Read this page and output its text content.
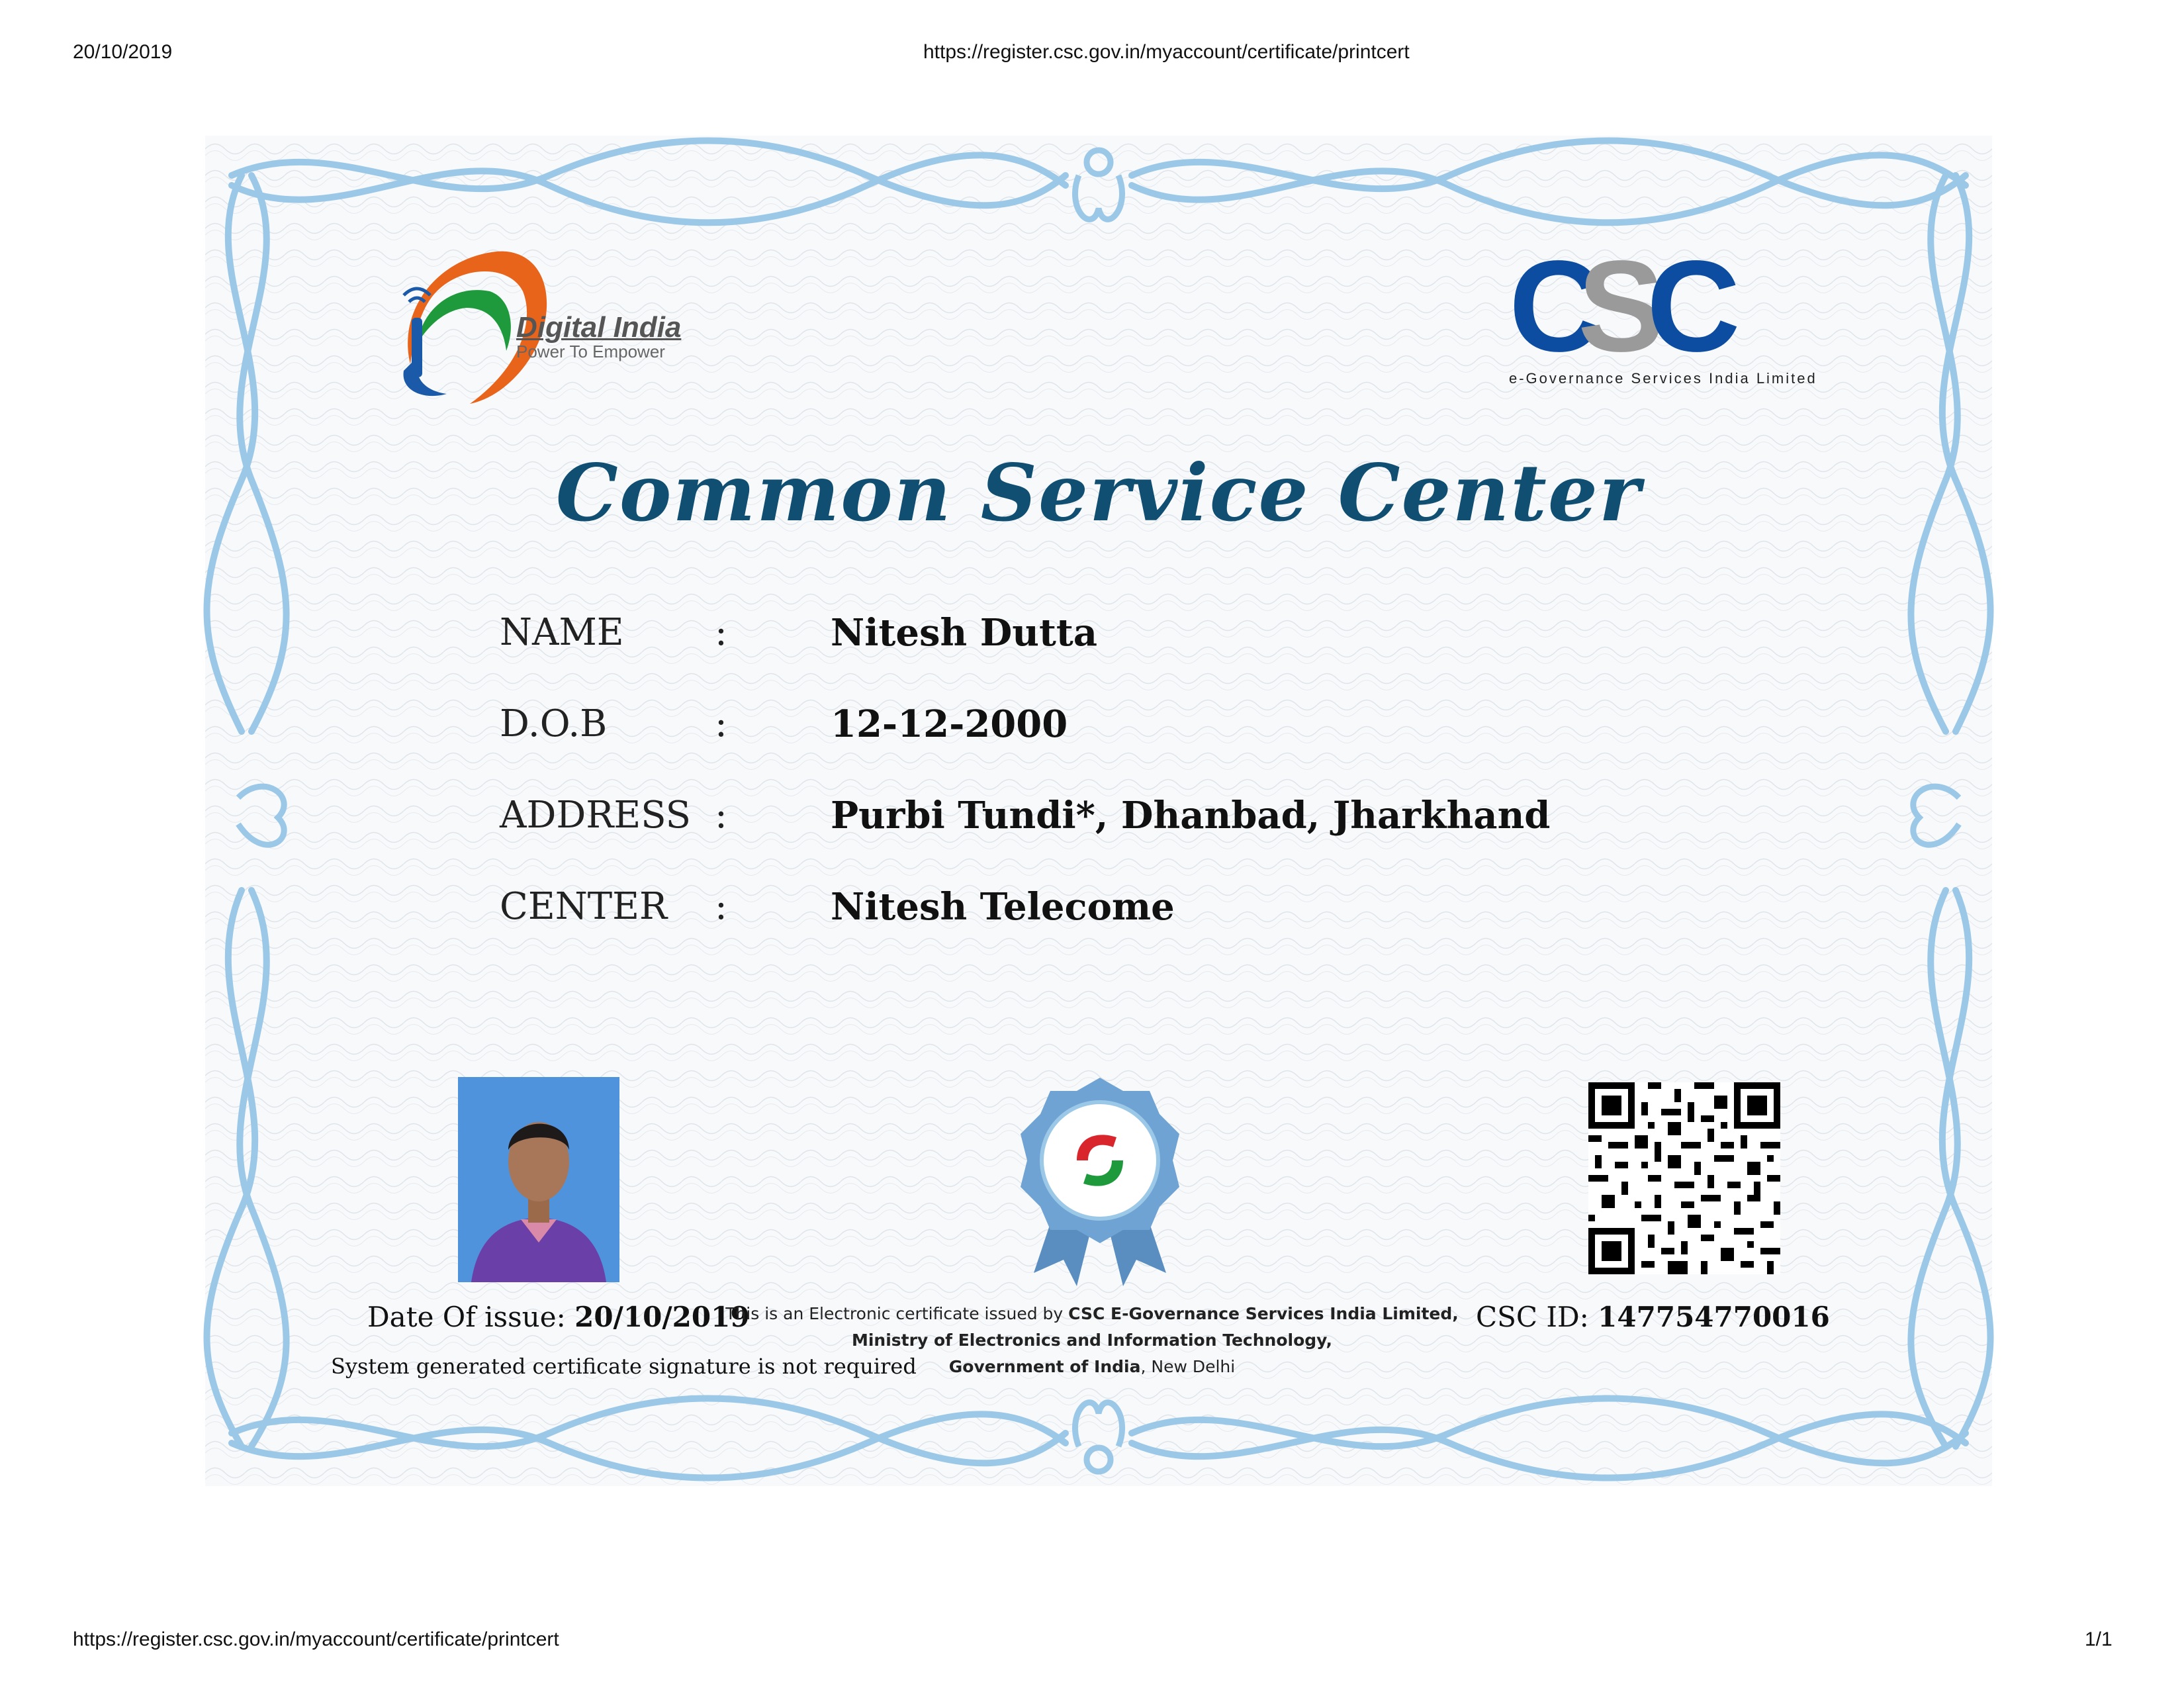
20/10/2019	https://register.csc.gov.in/myaccount/certificate/printcert
Digital India
Power To Empower	C
S
C
e-Governance Services India Limited
Common Service Center
NAME :	Nitesh Dutta
D.O.B	:	12-12-2000
ADDRESS :	Purbi Tundi*, Dhanbad, Jharkhand
CENTER :	Nitesh Telecome
Date Of issue: 20/10/2019
System generated certificate signature is not required
This is an Electronic certificate issued by CSC E-Governance Services India Limited,
Ministry of Electronics and Information Technology,
Government of India, New Delhi
CSC ID: 147754770016
https://register.csc.gov.in/myaccount/certificate/printcert	1/1
